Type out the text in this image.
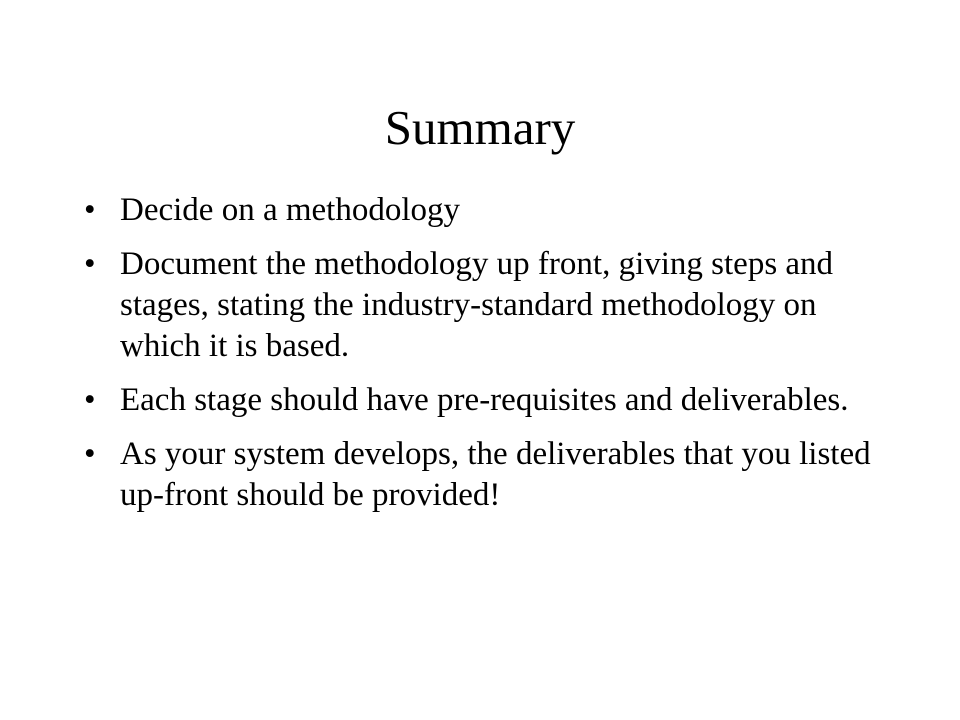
Summary
• Decide on a methodology
• Document the methodology up front, giving steps and stages, stating the industry-standard methodology on which it is based.
• Each stage should have pre-requisites and deliverables.
• As your system develops, the deliverables that you listed up-front should be provided!
